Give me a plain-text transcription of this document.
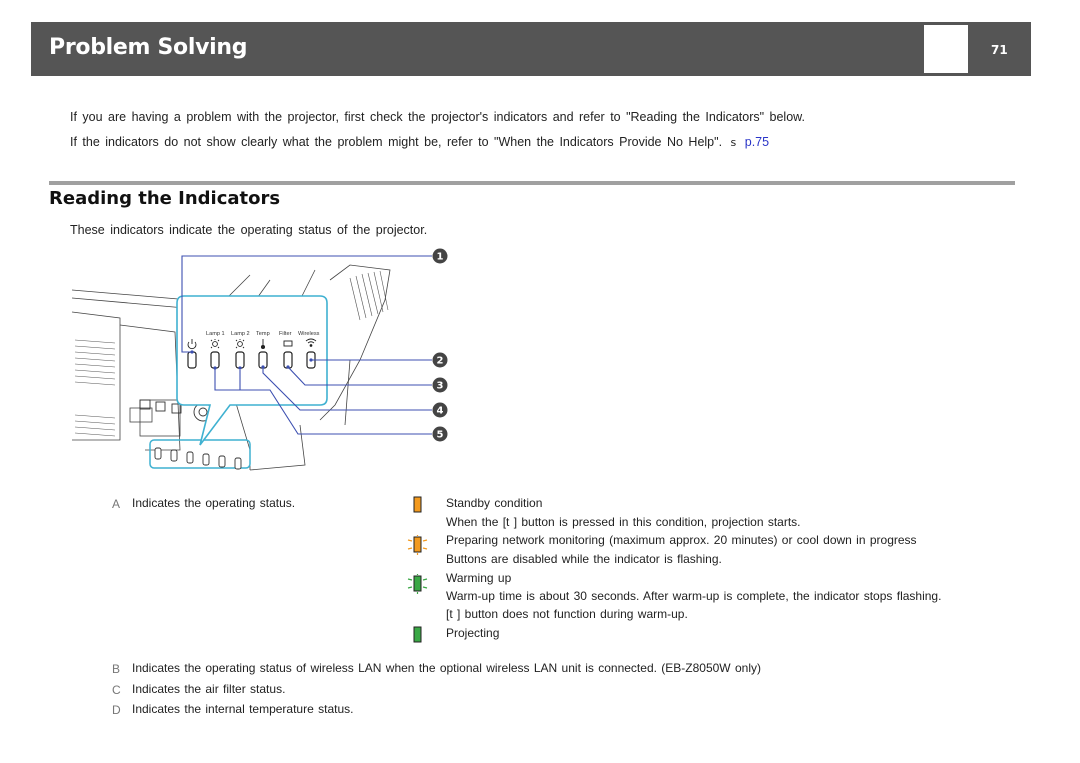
Problem Solving	71
If you are having a problem with the projector, first check the projector's indicators and refer to "Reading the Indicators" below.
If the indicators do not show clearly what the problem might be, refer to "When the Indicators Provide No Help". s p.75
Reading the Indicators
These indicators indicate the operating status of the projector.
Lamp 1 Lamp 2 Temp Filter Wireless
1
2
3
4
5
A Indicates the operating status.	Standby condition
When the [t ] button is pressed in this condition, projection starts.
Preparing network monitoring (maximum approx. 20 minutes) or cool down in progress
Buttons are disabled while the indicator is flashing.
Warming up
Warm-up time is about 30 seconds. After warm-up is complete, the indicator stops flashing.
[t ] button does not function during warm-up.
Projecting
B Indicates the operating status of wireless LAN when the optional wireless LAN unit is connected. (EB-Z8050W only)
C Indicates the air filter status.
D Indicates the internal temperature status.
